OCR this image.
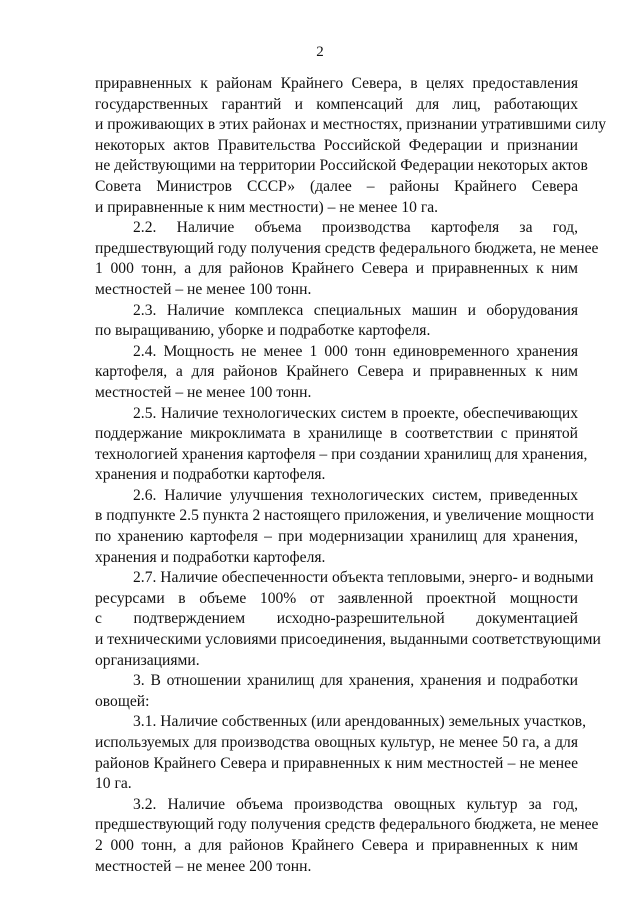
2
приравненных к районам Крайнего Севера, в целях предоставления
государственных гарантий и компенсаций для лиц, работающих
и проживающих в этих районах и местностях, признании утратившими силу
некоторых актов Правительства Российской Федерации и признании
не действующими на территории Российской Федерации некоторых актов
Совета Министров СССР» (далее – районы Крайнего Севера
и приравненные к ним местности) – не менее 10 га.
2.2. Наличие объема производства картофеля за год,
предшествующий году получения средств федерального бюджета, не менее
1 000 тонн, а для районов Крайнего Севера и приравненных к ним
местностей – не менее 100 тонн.
2.3. Наличие комплекса специальных машин и оборудования
по выращиванию, уборке и подработке картофеля.
2.4. Мощность не менее 1 000 тонн единовременного хранения
картофеля, а для районов Крайнего Севера и приравненных к ним
местностей – не менее 100 тонн.
2.5. Наличие технологических систем в проекте, обеспечивающих
поддержание микроклимата в хранилище в соответствии с принятой
технологией хранения картофеля – при создании хранилищ для хранения,
хранения и подработки картофеля.
2.6. Наличие улучшения технологических систем, приведенных
в подпункте 2.5 пункта 2 настоящего приложения, и увеличение мощности
по хранению картофеля – при модернизации хранилищ для хранения,
хранения и подработки картофеля.
2.7. Наличие обеспеченности объекта тепловыми, энерго- и водными
ресурсами в объеме 100% от заявленной проектной мощности
с подтверждением исходно-разрешительной документацией
и техническими условиями присоединения, выданными соответствующими
организациями.
3. В отношении хранилищ для хранения, хранения и подработки
овощей:
3.1. Наличие собственных (или арендованных) земельных участков,
используемых для производства овощных культур, не менее 50 га, а для
районов Крайнего Севера и приравненных к ним местностей – не менее
10 га.
3.2. Наличие объема производства овощных культур за год,
предшествующий году получения средств федерального бюджета, не менее
2 000 тонн, а для районов Крайнего Севера и приравненных к ним
местностей – не менее 200 тонн.
